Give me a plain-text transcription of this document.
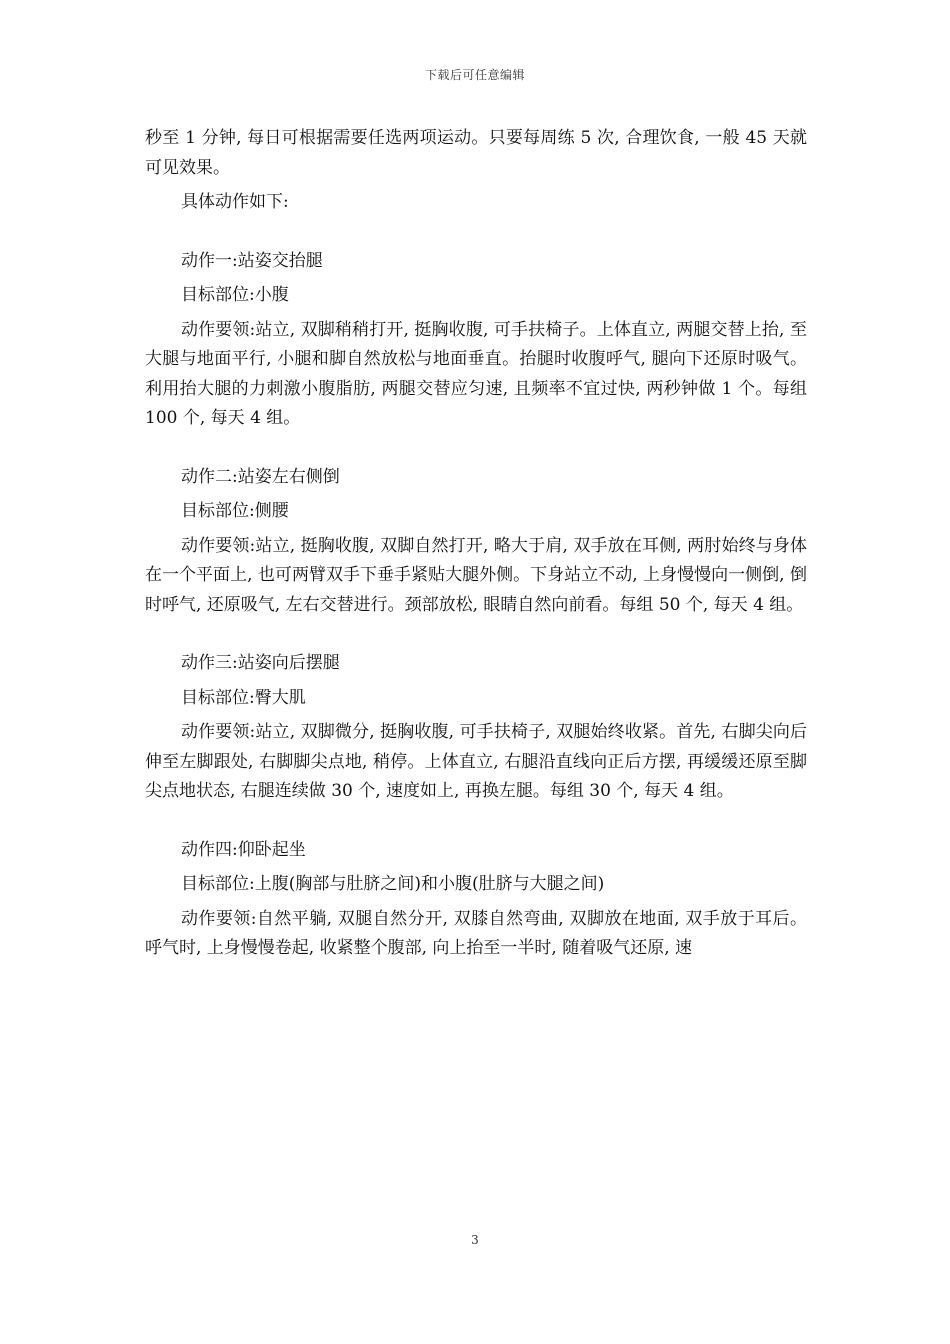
下载后可任意编辑

秒至 1 分钟, 每日可根据需要任选两项运动。只要每周练 5 次, 合理饮食, 一般 45 天就可见效果。

具体动作如下:

动作一:站姿交抬腿

目标部位:小腹

动作要领:站立, 双脚稍稍打开, 挺胸收腹, 可手扶椅子。上体直立, 两腿交替上抬, 至大腿与地面平行, 小腿和脚自然放松与地面垂直。抬腿时收腹呼气, 腿向下还原时吸气。利用抬大腿的力刺激小腹脂肪, 两腿交替应匀速, 且频率不宜过快, 两秒钟做 1 个。每组 100 个, 每天 4 组。

动作二:站姿左右侧倒

目标部位:侧腰

动作要领:站立, 挺胸收腹, 双脚自然打开, 略大于肩, 双手放在耳侧, 两肘始终与身体在一个平面上, 也可两臂双手下垂手紧贴大腿外侧。下身站立不动, 上身慢慢向一侧倒, 倒时呼气, 还原吸气, 左右交替进行。颈部放松, 眼睛自然向前看。每组 50 个, 每天 4 组。

动作三:站姿向后摆腿

目标部位:臀大肌

动作要领:站立, 双脚微分, 挺胸收腹, 可手扶椅子, 双腿始终收紧。首先, 右脚尖向后伸至左脚跟处, 右脚脚尖点地, 稍停。上体直立, 右腿沿直线向正后方摆, 再缓缓还原至脚尖点地状态, 右腿连续做 30 个, 速度如上, 再换左腿。每组 30 个, 每天 4 组。

动作四:仰卧起坐

目标部位:上腹(胸部与肚脐之间)和小腹(肚脐与大腿之间)

动作要领:自然平躺, 双腿自然分开, 双膝自然弯曲, 双脚放在地面, 双手放于耳后。呼气时, 上身慢慢卷起, 收紧整个腹部, 向上抬至一半时, 随着吸气还原, 速

3
